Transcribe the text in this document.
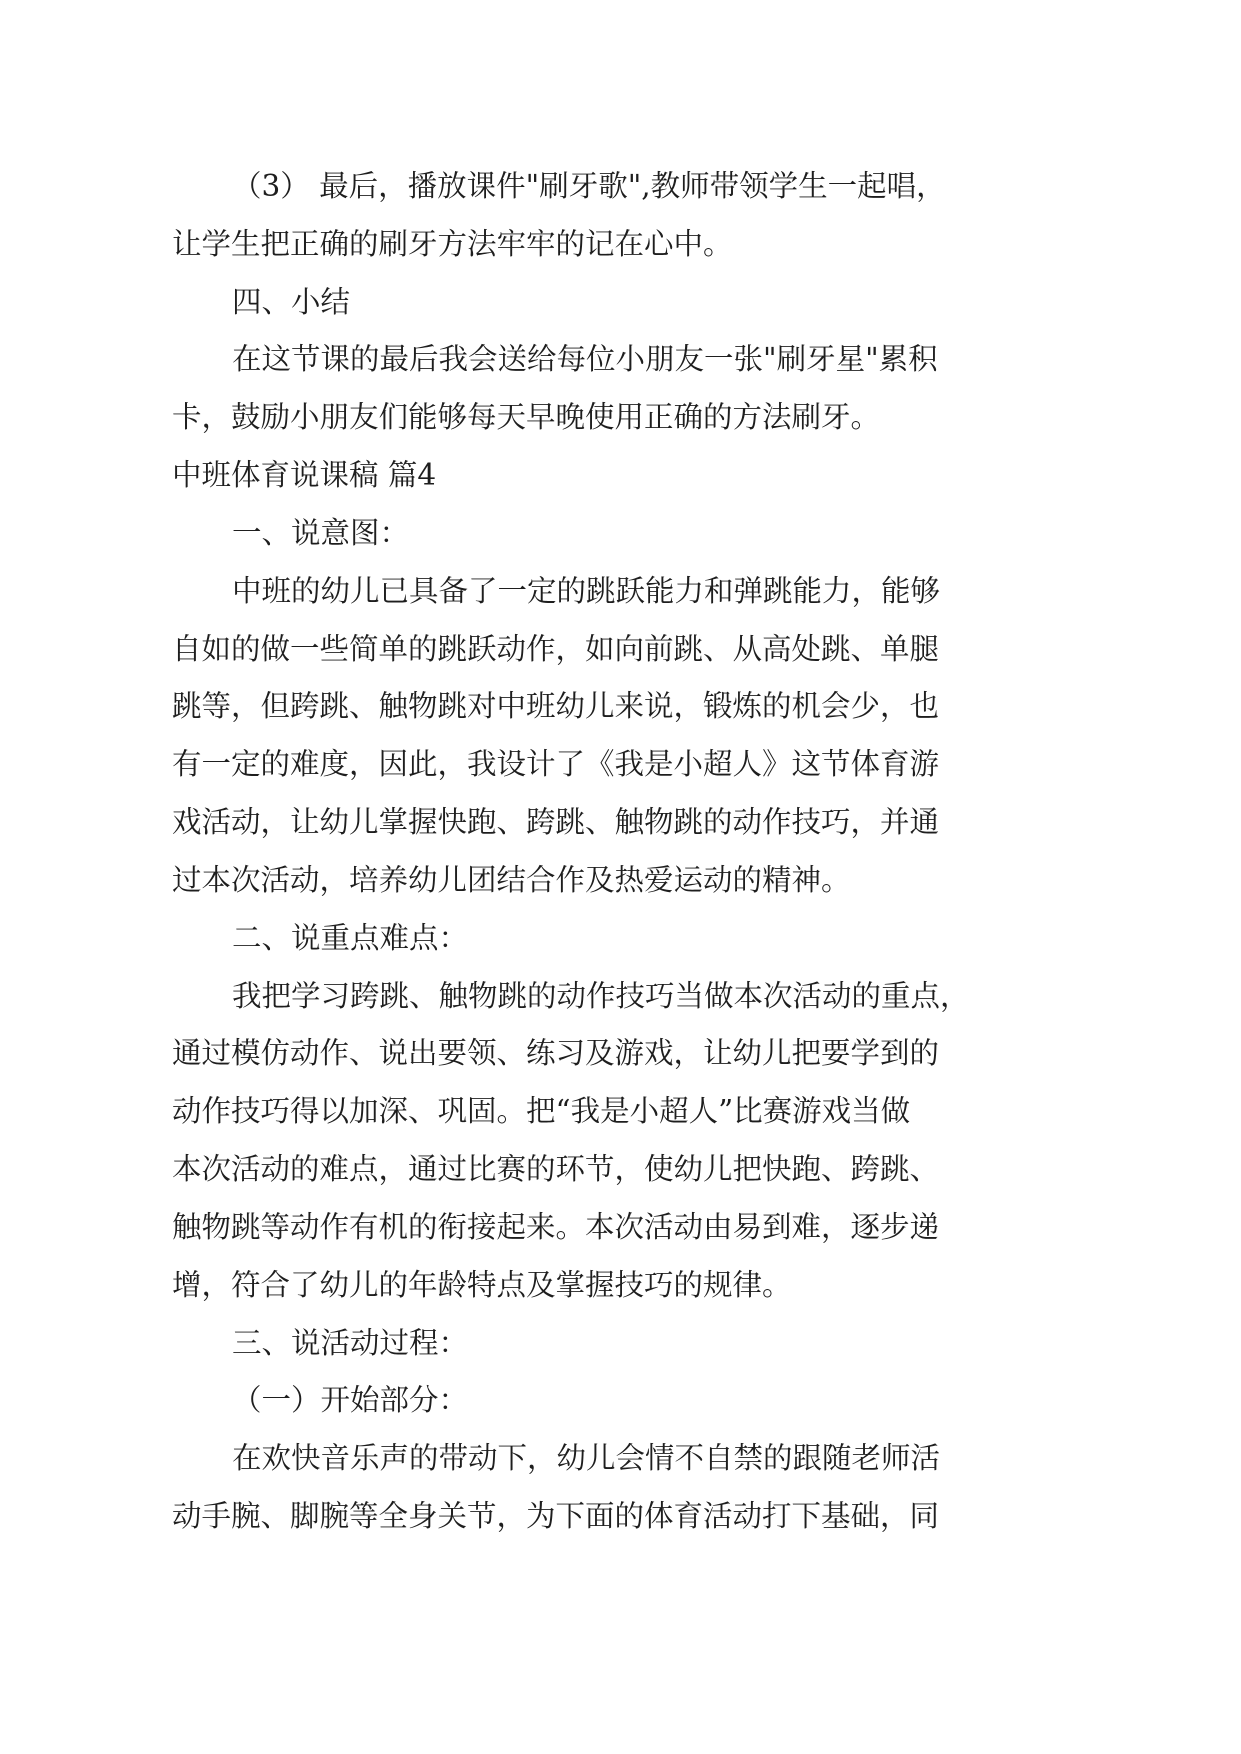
（3） 最后，播放课件"刷牙歌",教师带领学生一起唱，
让学生把正确的刷牙方法牢牢的记在心中。
四、小结
在这节课的最后我会送给每位小朋友一张"刷牙星"累积
卡，鼓励小朋友们能够每天早晚使用正确的方法刷牙。
中班体育说课稿 篇4
一、说意图：
中班的幼儿已具备了一定的跳跃能力和弹跳能力，能够
自如的做一些简单的跳跃动作，如向前跳、从高处跳、单腿
跳等，但跨跳、触物跳对中班幼儿来说，锻炼的机会少，也
有一定的难度，因此，我设计了《我是小超人》这节体育游
戏活动，让幼儿掌握快跑、跨跳、触物跳的动作技巧，并通
过本次活动，培养幼儿团结合作及热爱运动的精神。
二、说重点难点：
我把学习跨跳、触物跳的动作技巧当做本次活动的重点，
通过模仿动作、说出要领、练习及游戏，让幼儿把要学到的
动作技巧得以加深、巩固。把“我是小超人”比赛游戏当做
本次活动的难点，通过比赛的环节，使幼儿把快跑、跨跳、
触物跳等动作有机的衔接起来。本次活动由易到难，逐步递
增，符合了幼儿的年龄特点及掌握技巧的规律。
三、说活动过程：
（一）开始部分：
在欢快音乐声的带动下，幼儿会情不自禁的跟随老师活
动手腕、脚腕等全身关节，为下面的体育活动打下基础，同
